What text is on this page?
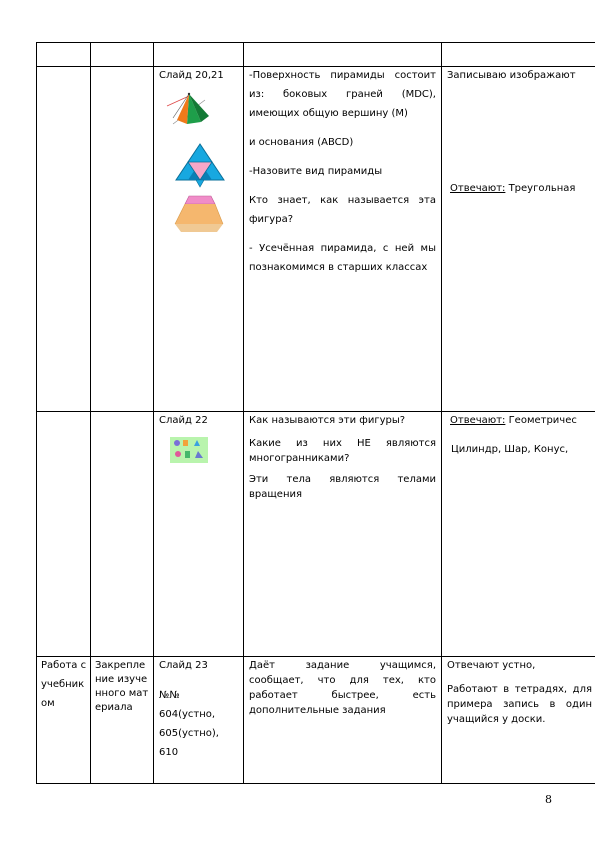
Слайд 20,21	-Поверхность пирамиды состоит из: боковых граней (MDC), имеющих общую вершину (M)

и основания (ABCD)

-Назовите вид пирамиды

Кто знает, как называется эта фигура?

- Усечённая пирамида, с ней мы познакомимся в старших классах

Записываю изображают
Отвечают: Треугольная
Слайд 22	Как называются эти фигуры?

Какие из них НЕ являются многогранниками?

Эти тела являются телами вращения

Отвечают: Геометричес
Цилиндр, Шар, Конус,
Работа с учебником
Закрепление изученного материала
Слайд 23

№№

604(устно,

605(устно),

610

Даёт задание учащимся, сообщает, что для тех, кто работает быстрее, есть дополнительные задания
Отвечают устно,
Работают в тетрадях, для примера запись в один учащийся у доски.
8
